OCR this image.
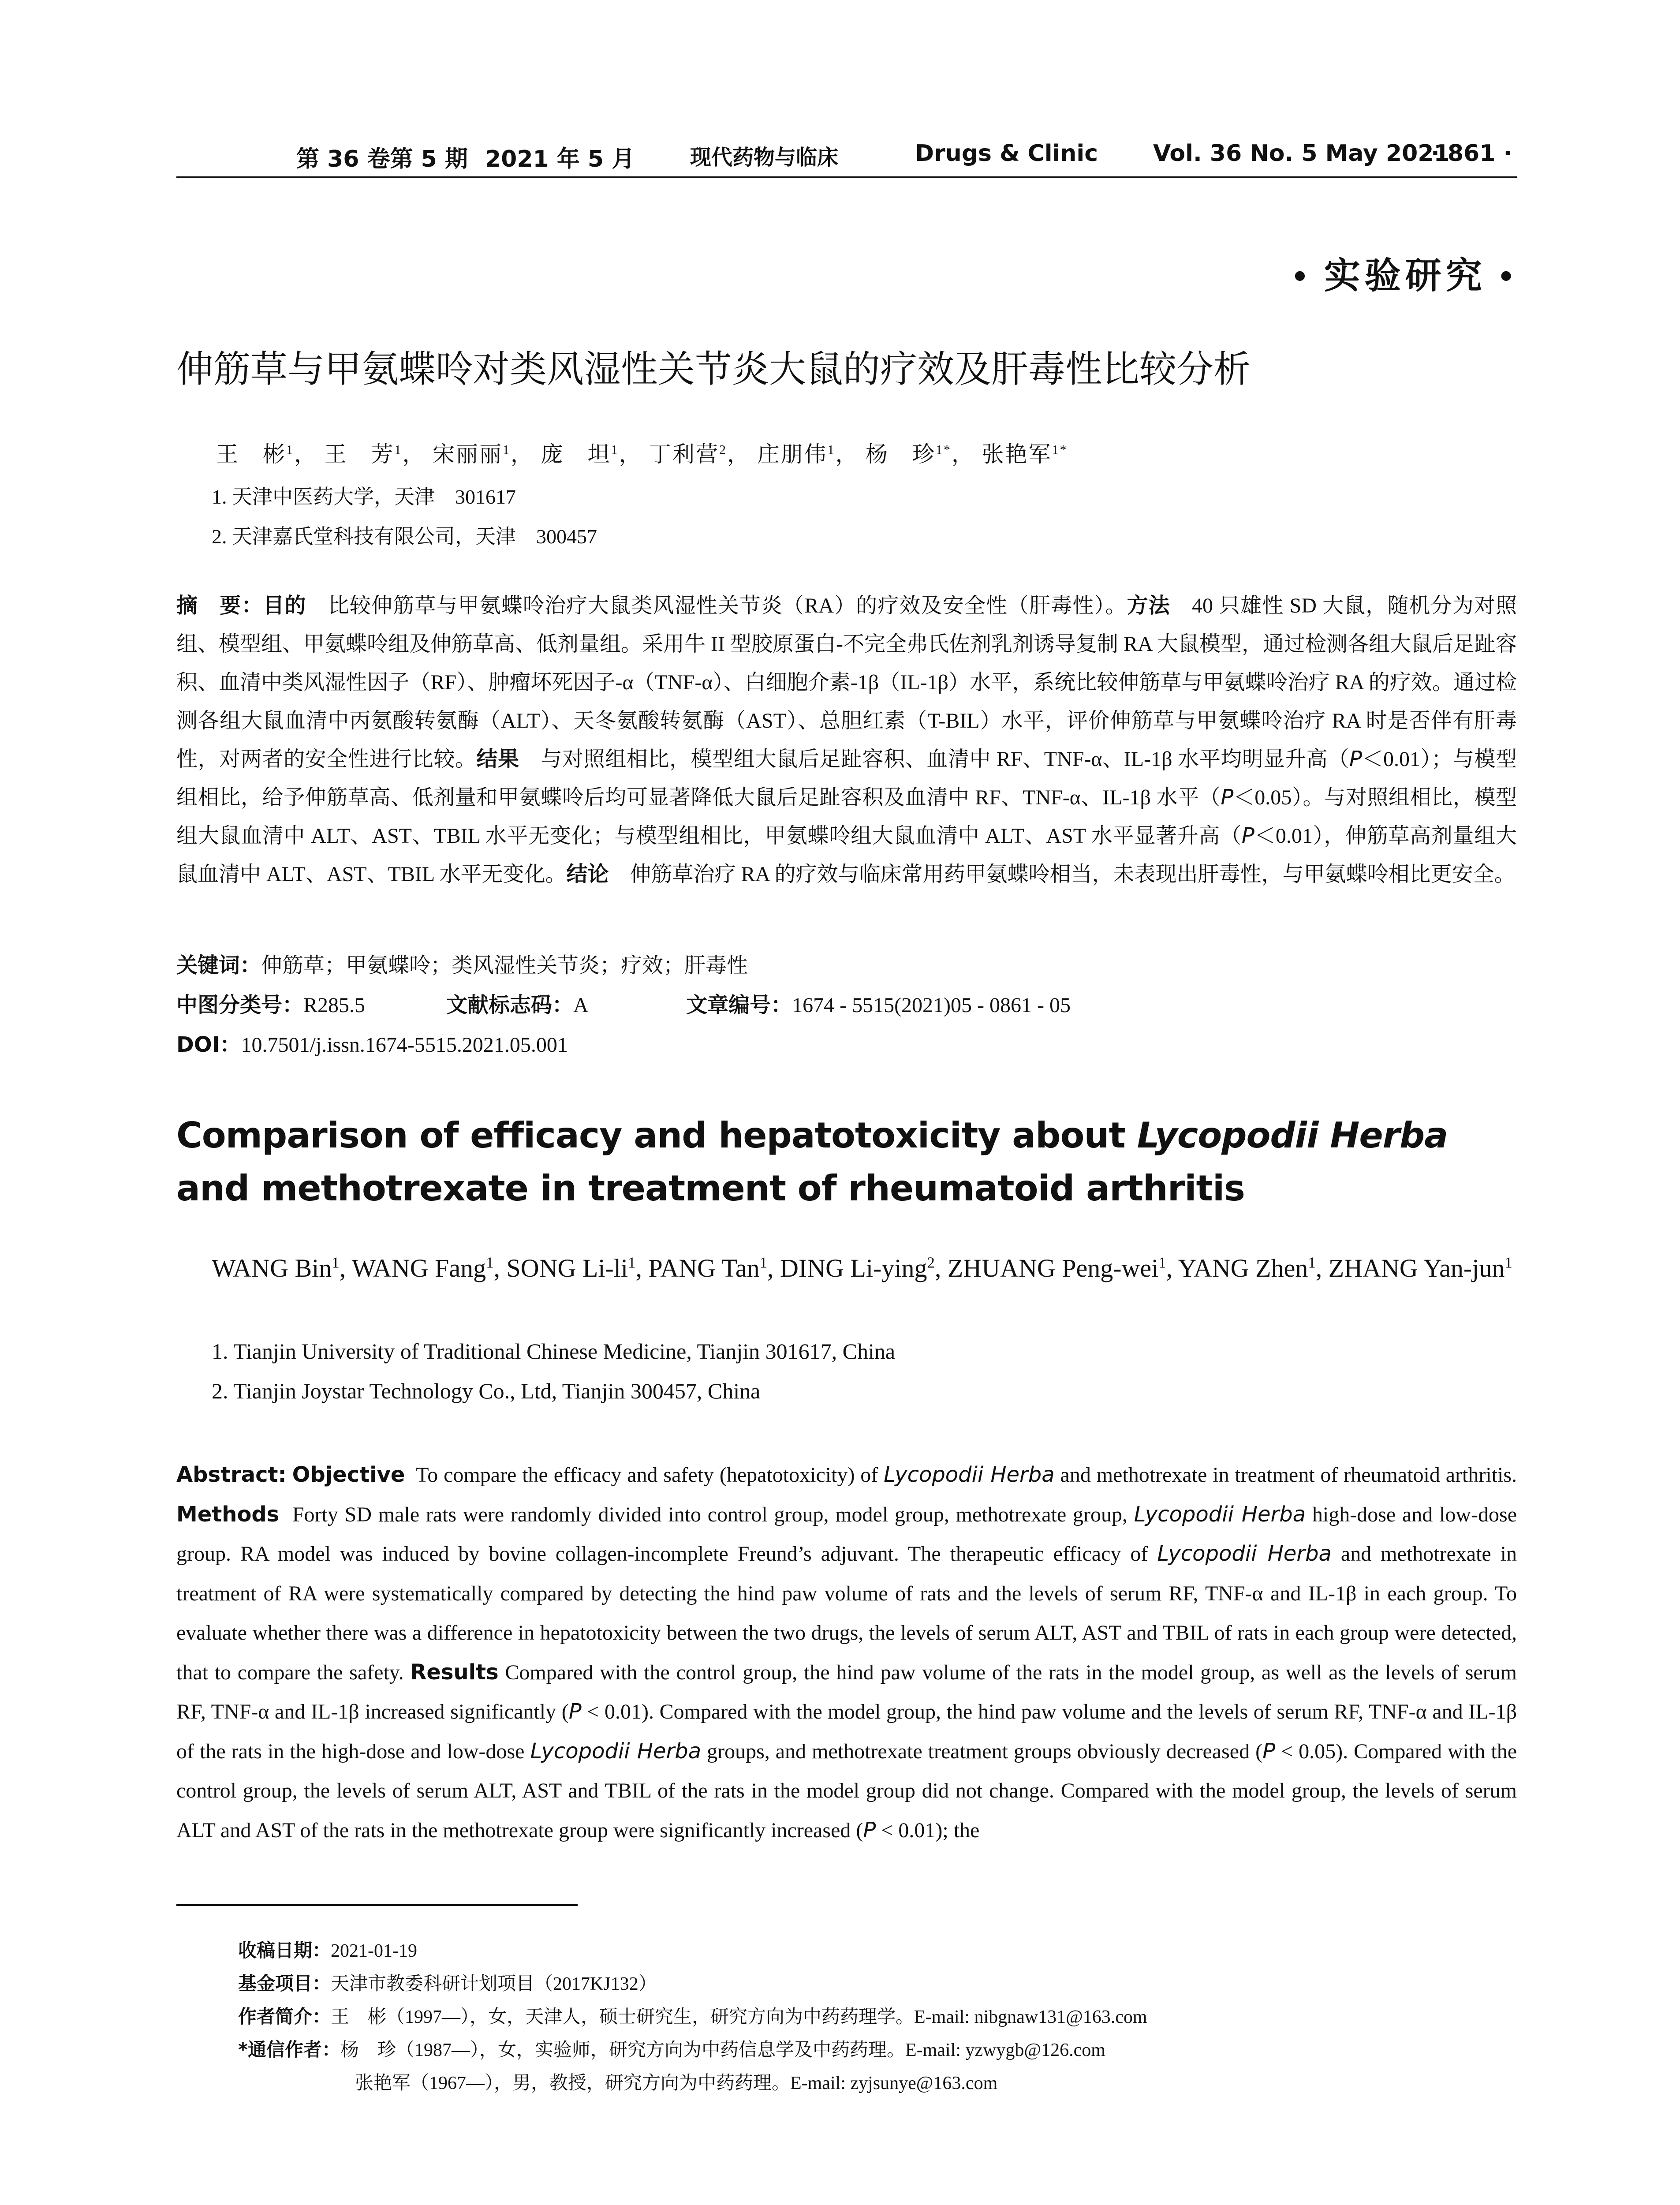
第 36 卷第 5 期 2021 年 5 月	现代药物与临床	Drugs & Clinic Vol. 36 No. 5 May 2021
· 861 ·
• 实验研究 •
伸筋草与甲氨蝶呤对类风湿性关节炎大鼠的疗效及肝毒性比较分析
王　彬$^1$， 王　芳$^1$， 宋丽丽$^1$， 庞　坦$^1$， 丁利营$^2$， 庄朋伟$^1$， 杨　珍$^{1*}$， 张艳军$^{1*}$
1. 天津中医药大学，天津　301617
2. 天津嘉氏堂科技有限公司，天津　300457
摘　要：目的　 比较伸筋草与甲氨蝶呤治疗大鼠类风湿性关节炎（RA）的疗效及安全性（肝毒性）。方法　 40 只雄性 SD 大鼠，随机分为对照组、模型组、甲氨蝶呤组及伸筋草高、低剂量组。采用牛 II 型胶原蛋白-不完全弗氏佐剂乳剂诱导复制 RA 大鼠模型，通过检测各组大鼠后足趾容积、血清中类风湿性因子（RF）、肿瘤坏死因子-α（TNF-α）、白细胞介素-1β（IL-1β）水平，系统比较伸筋草与甲氨蝶呤治疗 RA 的疗效。通过检测各组大鼠血清中丙氨酸转氨酶（ALT）、天冬氨酸转氨酶（AST）、总胆红素（T-BIL）水平，评价伸筋草与甲氨蝶呤治疗 RA 时是否伴有肝毒性，对两者的安全性进行比较。结果　 与对照组相比，模型组大鼠后足趾容积、血清中 RF、TNF-α、IL-1β 水平均明显升高（P＜0.01）；与模型组相比，给予伸筋草高、低剂量和甲氨蝶呤后均可显著降低大鼠后足趾容积及血清中 RF、TNF-α、IL-1β 水平（P＜0.05）。与对照组相比，模型组大鼠血清中 ALT、AST、TBIL 水平无变化；与模型组相比，甲氨蝶呤组大鼠血清中 ALT、AST 水平显著升高（P＜0.01），伸筋草高剂量组大鼠血清中 ALT、AST、TBIL 水平无变化。结论　 伸筋草治疗 RA 的疗效与临床常用药甲氨蝶呤相当，未表现出肝毒性，与甲氨蝶呤相比更安全。
关键词：伸筋草；甲氨蝶呤；类风湿性关节炎；疗效；肝毒性
中图分类号：R285.5	文献标志码：A	文章编号：1674 - 5515(2021)05 - 0861 - 05
DOI：10.7501/j.issn.1674-5515.2021.05.001
Comparison of efficacy and hepatotoxicity about Lycopodii Herba and methotrexate in treatment of rheumatoid arthritis
WANG Bin$^1$, WANG Fang$^1$, SONG $Li-li^1$, PANG Tan$^1$, DING Li-ying$^2$, ZHUANG Peng-wei$^1$, YANG Zhen$^1$, ZHANG Yan-jun$^1$
1. Tianjin University of Traditional Chinese Medicine, Tianjin 301617, China
2. Tianjin Joystar Technology Co., Ltd, Tianjin 300457, China
Abstract: Objective To compare the efficacy and safety (hepatotoxicity) of Lycopodii Herba and methotrexate in treatment of rheumatoid arthritis. Methods Forty SD male rats were randomly divided into control group, model group, methotrexate group, Lycopodii Herba high-dose and low-dose group. RA model was induced by bovine collagen-incomplete Freund’s adjuvant. The therapeutic efficacy of Lycopodii Herba and methotrexate in treatment of RA were systematically compared by detecting the hind paw volume of rats and the levels of serum RF, TNF-α and IL-1β in each group. To evaluate whether there was a difference in hepatotoxicity between the two drugs, the levels of serum ALT, AST and TBIL of rats in each group were detected, that to compare the safety. Results Compared with the control group, the hind paw volume of the rats in the model group, as well as the levels of serum RF, TNF-α and IL-1β increased significantly (P < 0.01). Compared with the model group, the hind paw volume and the levels of serum RF, TNF-α and IL-1β of the rats in the high-dose and low-dose Lycopodii Herba groups, and methotrexate treatment groups obviously decreased (P < 0.05). Compared with the control group, the levels of serum ALT, AST and TBIL of the rats in the model group did not change. Compared with the model group, the levels of serum ALT and AST of the rats in the methotrexate group were significantly increased (P < 0.01); the
收稿日期：2021-01-19
基金项目：天津市教委科研计划项目（2017KJ132）
作者简介：王　彬（1997—），女，天津人，硕士研究生，研究方向为中药药理学。E-mail: nibgnaw131@163.com
*通信作者：杨　珍（1987—），女，实验师，研究方向为中药信息学及中药药理。E-mail: yzwygb@126.com
张艳军（1967—），男，教授，研究方向为中药药理。E-mail: zyjsunye@163.com
